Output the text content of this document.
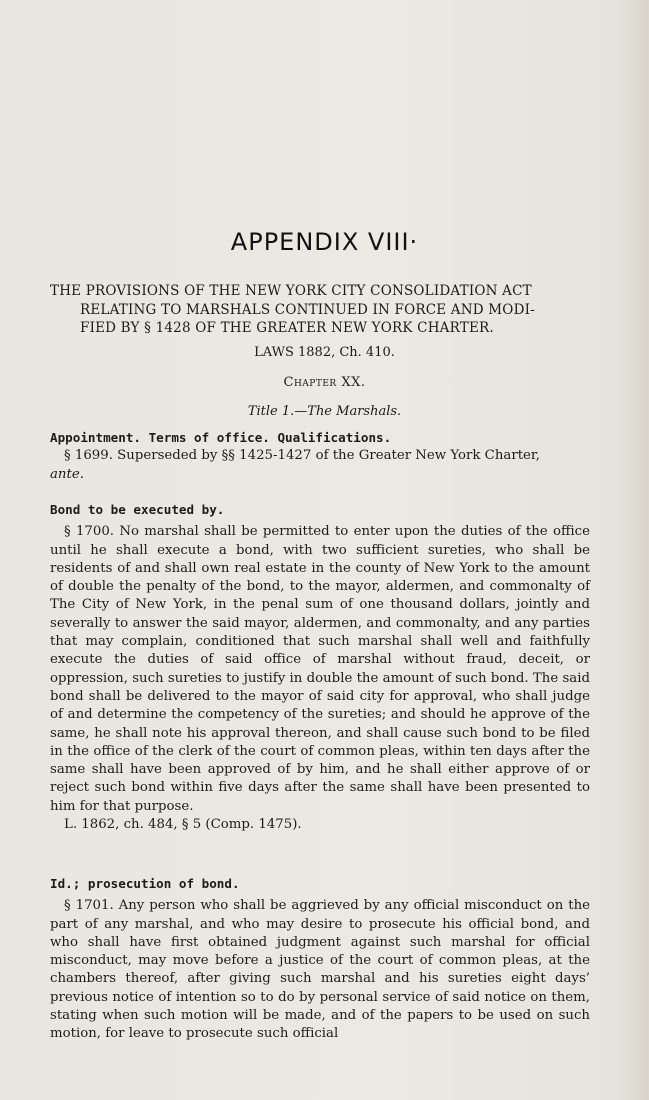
APPENDIX VIII·
THE PROVISIONS OF THE NEW YORK CITY CONSOLIDATION ACT
RELATING TO MARSHALS CONTINUED IN FORCE AND MODI-
FIED BY § 1428 OF THE GREATER NEW YORK CHARTER.
LAWS 1882, Ch. 410.
Chapter XX.
Title 1.—The Marshals.
Appointment. Terms of office. Qualifications.

§ 1699. Superseded by §§ 1425-1427 of the Greater New York Charter,
ante.

Bond to be executed by.

§ 1700. No marshal shall be permitted to enter upon the duties of the office until he shall execute a bond, with two sufficient sureties, who shall be residents of and shall own real estate in the county of New York to the amount of double the penalty of the bond, to the mayor, aldermen, and commonalty of The City of New York, in the penal sum of one thousand dollars, jointly and severally to answer the said mayor, aldermen, and commonalty, and any parties that may complain, conditioned that such marshal shall well and faithfully execute the duties of said office of marshal without fraud, deceit, or oppression, such sureties to justify in double the amount of such bond. The said bond shall be delivered to the mayor of said city for approval, who shall judge of and determine the competency of the sureties; and should he approve of the same, he shall note his approval thereon, and shall cause such bond to be filed in the office of the clerk of the court of common pleas, within ten days after the same shall have been approved of by him, and he shall either approve of or reject such bond within five days after the same shall have been presented to him for that purpose.

L. 1862, ch. 484, § 5 (Comp. 1475).

Id.; prosecution of bond.

§ 1701. Any person who shall be aggrieved by any official misconduct on the part of any marshal, and who may desire to prosecute his official bond, and who shall have first obtained judgment against such marshal for official misconduct, may move before a justice of the court of common pleas, at the chambers thereof, after giving such marshal and his sureties eight days’ previous notice of intention so to do by personal service of said notice on them, stating when such motion will be made, and of the papers to be used on such motion, for leave to prosecute such official
